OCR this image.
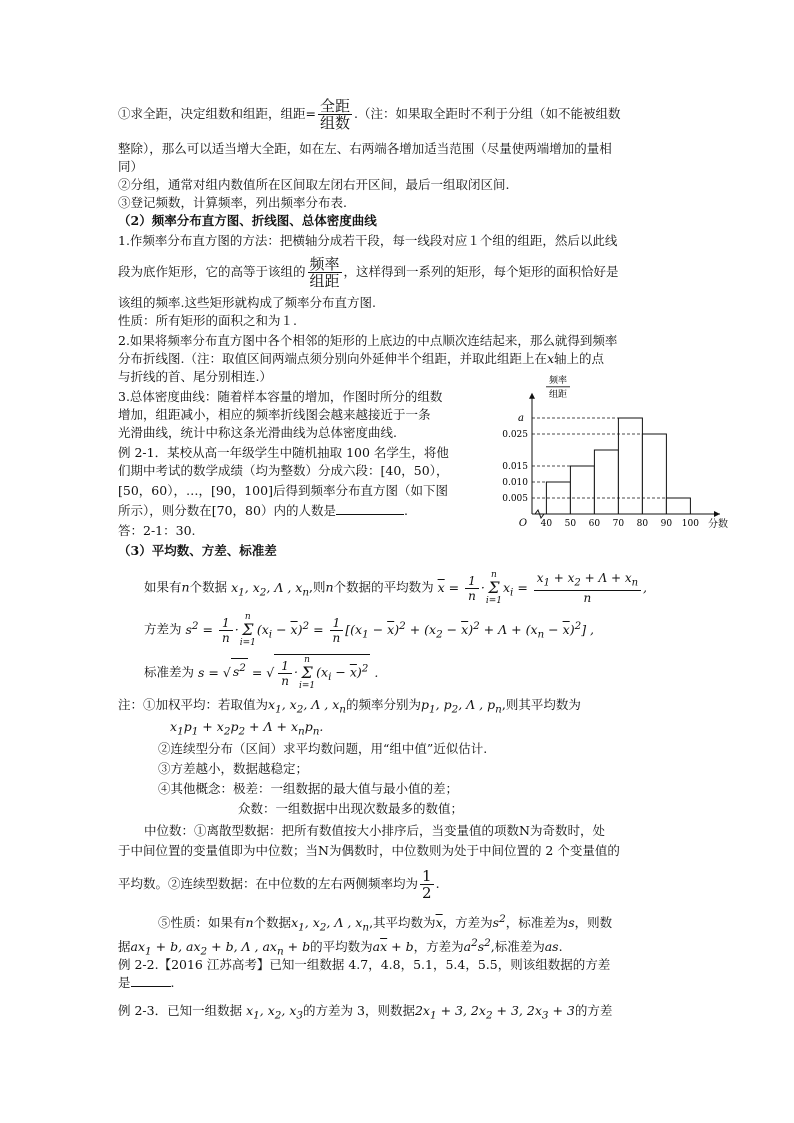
①求全距，决定组数和组距，组距= $\frac{\text{全距}}{\text{组数}}$ .（注：如果取全距时不利于分组（如不能被组数
整除），那么可以适当增大全距，如在左、右两端各增加适当范围（尽量使两端增加的量相
同）
②分组，通常对组内数值所在区间取左闭右开区间，最后一组取闭区间.
③登记频数，计算频率，列出频率分布表.
（2）频率分布直方图、折线图、总体密度曲线
1.作频率分布直方图的方法：把横轴分成若干段，每一线段对应１个组的组距，然后以此线
段为底作矩形，它的高等于该组的 $\frac{\text{频率}}{\text{组距}}$ ，这样得到一系列的矩形，每个矩形的面积恰好是
该组的频率.这些矩形就构成了频率分布直方图.
性质：所有矩形的面积之和为１.
2.如果将频率分布直方图中各个相邻的矩形的上底边的中点顺次连结起来，那么就得到频率
分布折线图.（注：取值区间两端点须分别向外延伸半个组距，并取此组距上在x轴上的点
与折线的首、尾分别相连.）
3.总体密度曲线：随着样本容量的增加，作图时所分的组数
增加，组距减小，相应的频率折线图会越来越接近于一条
光滑曲线，统计中称这条光滑曲线为总体密度曲线.
例 2-1．某校从高一年级学生中随机抽取 100 名学生，将他
们期中考试的数学成绩（均为整数）分成六段：[40，50），
[50，60），…，[90，100]后得到频率分布直方图（如下图
所示），则分数在[70，80）内的人数是	.
答：2-1：30.
频率
组距
O	分数
40 50 60 70 80 90 100
0.005
0.010
0.015
0.025
a
（3）平均数、方差、标准差
如果有n个数据 $x_1$, $x_2$, Λ , $x_n$,则n个数据的平均数为 $\overline{x} = \frac{1}{n} \cdot n$
Σ
$i=1x_i = \frac{x_1 + x_2 + \Lambda + x_n}{n}$ ,
方差为 $s^2 = \frac{1}{n} \cdot n$
Σ
$i=1(x_i - \overline{x})^2 = \frac{1}{n} [(x_1 - \overline{x})^2 + (x_2 - \overline{x})^2 + \Lambda + (x_n - \overline{x})^2]$ ,
标准差为 s = √ $s^2$ = √ $\frac{1}{n} \cdot n$
Σ
$i=1(x_i - \overline{x})^2$ .
注：①加权平均：若取值为$x_1$, $x_2$, Λ , $x_n$的频率分别为$p_1$, $p_2$, Λ , $p_n$,则其平均数为
$x_1p_1 + x_2p_2 + \Lambda + x_np_n$.
②连续型分布（区间）求平均数问题，用“组中值”近似估计.
③方差越小，数据越稳定；
④其他概念：极差：一组数据的最大值与最小值的差；
众数：一组数据中出现次数最多的数值；
中位数：①离散型数据：把所有数值按大小排序后，当变量值的项数N为奇数时，处
于中间位置的变量值即为中位数；当N为偶数时，中位数则为处于中间位置的 2 个变量值的
平均数。②连续型数据：在中位数的左右两侧频率均为 $\frac{1}{2}$ .
⑤性质：如果有n个数据$x_1$, $x_2$, Λ , $x_n$,其平均数为$\overline{x}$，方差为$s^2$，标准差为s，则数
据$ax_1 + b$, $ax_2 + b$, Λ , $ax_n + b$的平均数为$a\overline{x} + b$，方差为$a^2s^2$,标准差为as.
例 2-2.【2016 江苏高考】已知一组数据 4.7，4.8，5.1，5.4，5.5，则该组数据的方差
是	.
例 2-3．已知一组数据 $x_1$, $x_2$, $x_3$的方差为 3，则数据$2x_1 + 3$, $2x_2 + 3$, $2x_3 + 3$的方差
